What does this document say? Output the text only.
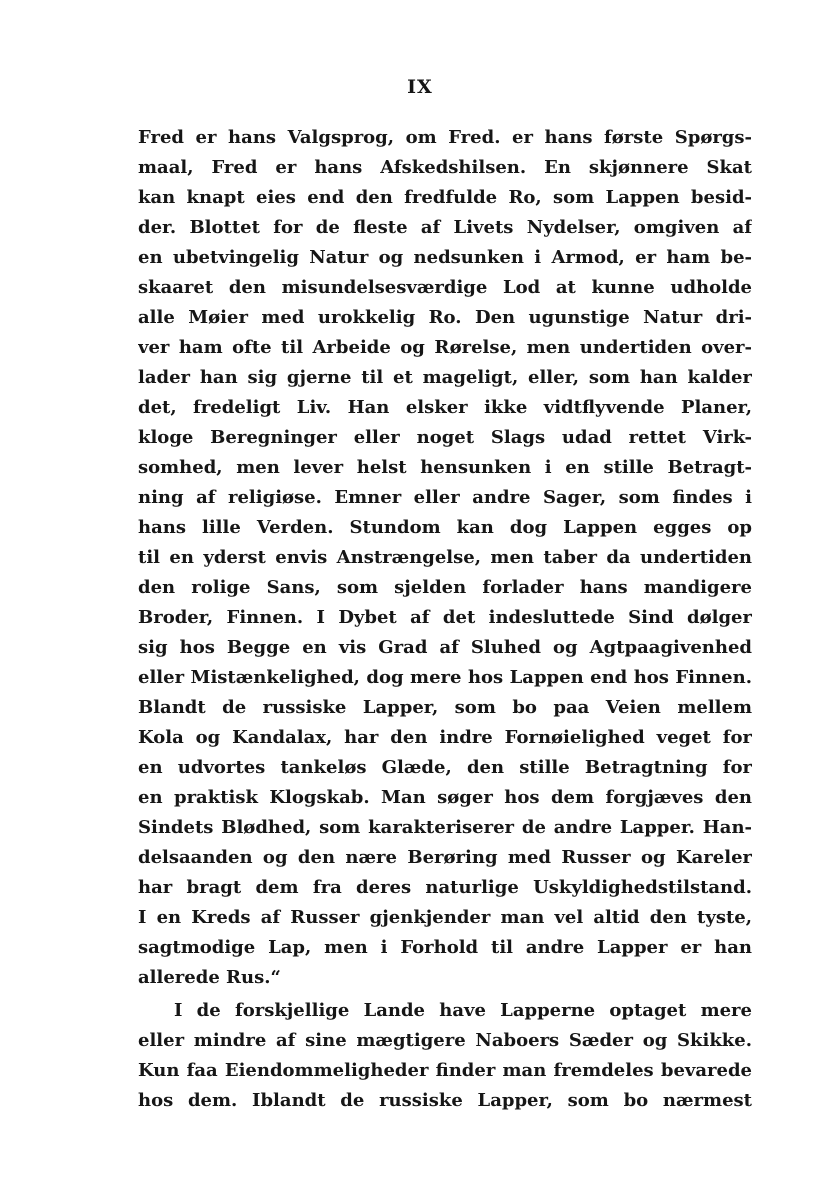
IX
Fred er hans Valgsprog, om Fred. er hans første Spørgs-
maal, Fred er hans Afskedshilsen. En skjønnere Skat
kan knapt eies end den fredfulde Ro, som Lappen besid-
der. Blottet for de fleste af Livets Nydelser, omgiven af
en ubetvingelig Natur og nedsunken i Armod, er ham be-
skaaret den misundelsesværdige Lod at kunne udholde
alle Møier med urokkelig Ro. Den ugunstige Natur dri-
ver ham ofte til Arbeide og Rørelse, men undertiden over-
lader han sig gjerne til et mageligt, eller, som han kalder
det, fredeligt Liv. Han elsker ikke vidtflyvende Planer,
kloge Beregninger eller noget Slags udad rettet Virk-
somhed, men lever helst hensunken i en stille Betragt-
ning af religiøse. Emner eller andre Sager, som findes i
hans lille Verden. Stundom kan dog Lappen egges op
til en yderst envis Anstrængelse, men taber da undertiden
den rolige Sans, som sjelden forlader hans mandigere
Broder, Finnen. I Dybet af det indesluttede Sind dølger
sig hos Begge en vis Grad af Sluhed og Agtpaagivenhed
eller Mistænkelighed, dog mere hos Lappen end hos Finnen.
Blandt de russiske Lapper, som bo paa Veien mellem
Kola og Kandalax, har den indre Fornøielighed veget for
en udvortes tankeløs Glæde, den stille Betragtning for
en praktisk Klogskab. Man søger hos dem forgjæves den
Sindets Blødhed, som karakteriserer de andre Lapper. Han-
delsaanden og den nære Berøring med Russer og Kareler
har bragt dem fra deres naturlige Uskyldighedstilstand.
I en Kreds af Russer gjenkjender man vel altid den tyste,
sagtmodige Lap, men i Forhold til andre Lapper er han
allerede Rus.“
I de forskjellige Lande have Lapperne optaget mere
eller mindre af sine mægtigere Naboers Sæder og Skikke.
Kun faa Eiendommeligheder finder man fremdeles bevarede
hos dem. Iblandt de russiske Lapper, som bo nærmest
